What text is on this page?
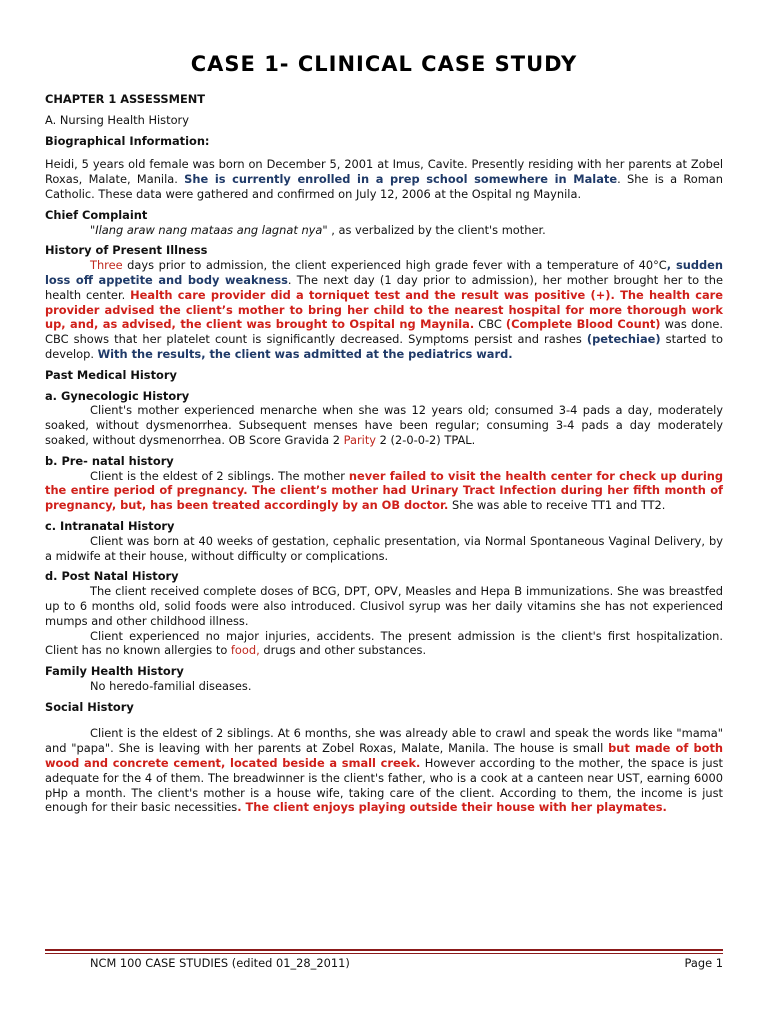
CASE 1- CLINICAL CASE STUDY

CHAPTER 1 ASSESSMENT

A. Nursing Health History

Biographical Information:

Heidi, 5 years old female was born on December 5, 2001 at Imus, Cavite. Presently residing with her parents at Zobel Roxas, Malate, Manila. She is currently enrolled in a prep school somewhere in Malate. She is a Roman Catholic. These data were gathered and confirmed on July 12, 2006 at the Ospital ng Maynila.

Chief Complaint

"Ilang araw nang mataas ang lagnat nya" , as verbalized by the client's mother.

History of Present Illness

Three days prior to admission, the client experienced high grade fever with a temperature of 40°C, sudden loss off appetite and body weakness. The next day (1 day prior to admission), her mother brought her to the health center. Health care provider did a torniquet test and the result was positive (+). The health care provider advised the client’s mother to bring her child to the nearest hospital for more thorough work up, and, as advised, the client was brought to Ospital ng Maynila. CBC (Complete Blood Count) was done. CBC shows that her platelet count is significantly decreased. Symptoms persist and rashes (petechiae) started to develop. With the results, the client was admitted at the pediatrics ward.

Past Medical History

a. Gynecologic History

Client's mother experienced menarche when she was 12 years old; consumed 3-4 pads a day, moderately soaked, without dysmenorrhea. Subsequent menses have been regular; consuming 3-4 pads a day moderately soaked, without dysmenorrhea. OB Score Gravida 2 Parity 2 (2-0-0-2) TPAL.

b. Pre- natal history

Client is the eldest of 2 siblings. The mother never failed to visit the health center for check up during the entire period of pregnancy. The client’s mother had Urinary Tract Infection during her fifth month of pregnancy, but, has been treated accordingly by an OB doctor. She was able to receive TT1 and TT2.

c. Intranatal History

Client was born at 40 weeks of gestation, cephalic presentation, via Normal Spontaneous Vaginal Delivery, by a midwife at their house, without difficulty or complications.

d. Post Natal History

The client received complete doses of BCG, DPT, OPV, Measles and Hepa B immunizations. She was breastfed up to 6 months old, solid foods were also introduced. Clusivol syrup was her daily vitamins she has not experienced mumps and other childhood illness.

Client experienced no major injuries, accidents. The present admission is the client's first hospitalization. Client has no known allergies to food, drugs and other substances.

Family Health History

No heredo-familial diseases.

Social History

Client is the eldest of 2 siblings. At 6 months, she was already able to crawl and speak the words like "mama" and "papa". She is leaving with her parents at Zobel Roxas, Malate, Manila. The house is small but made of both wood and concrete cement, located beside a small creek. However according to the mother, the space is just adequate for the 4 of them. The breadwinner is the client's father, who is a cook at a canteen near UST, earning 6000 pHp a month. The client's mother is a house wife, taking care of the client. According to them, the income is just enough for their basic necessities. The client enjoys playing outside their house with her playmates.

NCM 100 CASE STUDIES (edited 01_28_2011)	Page 1
